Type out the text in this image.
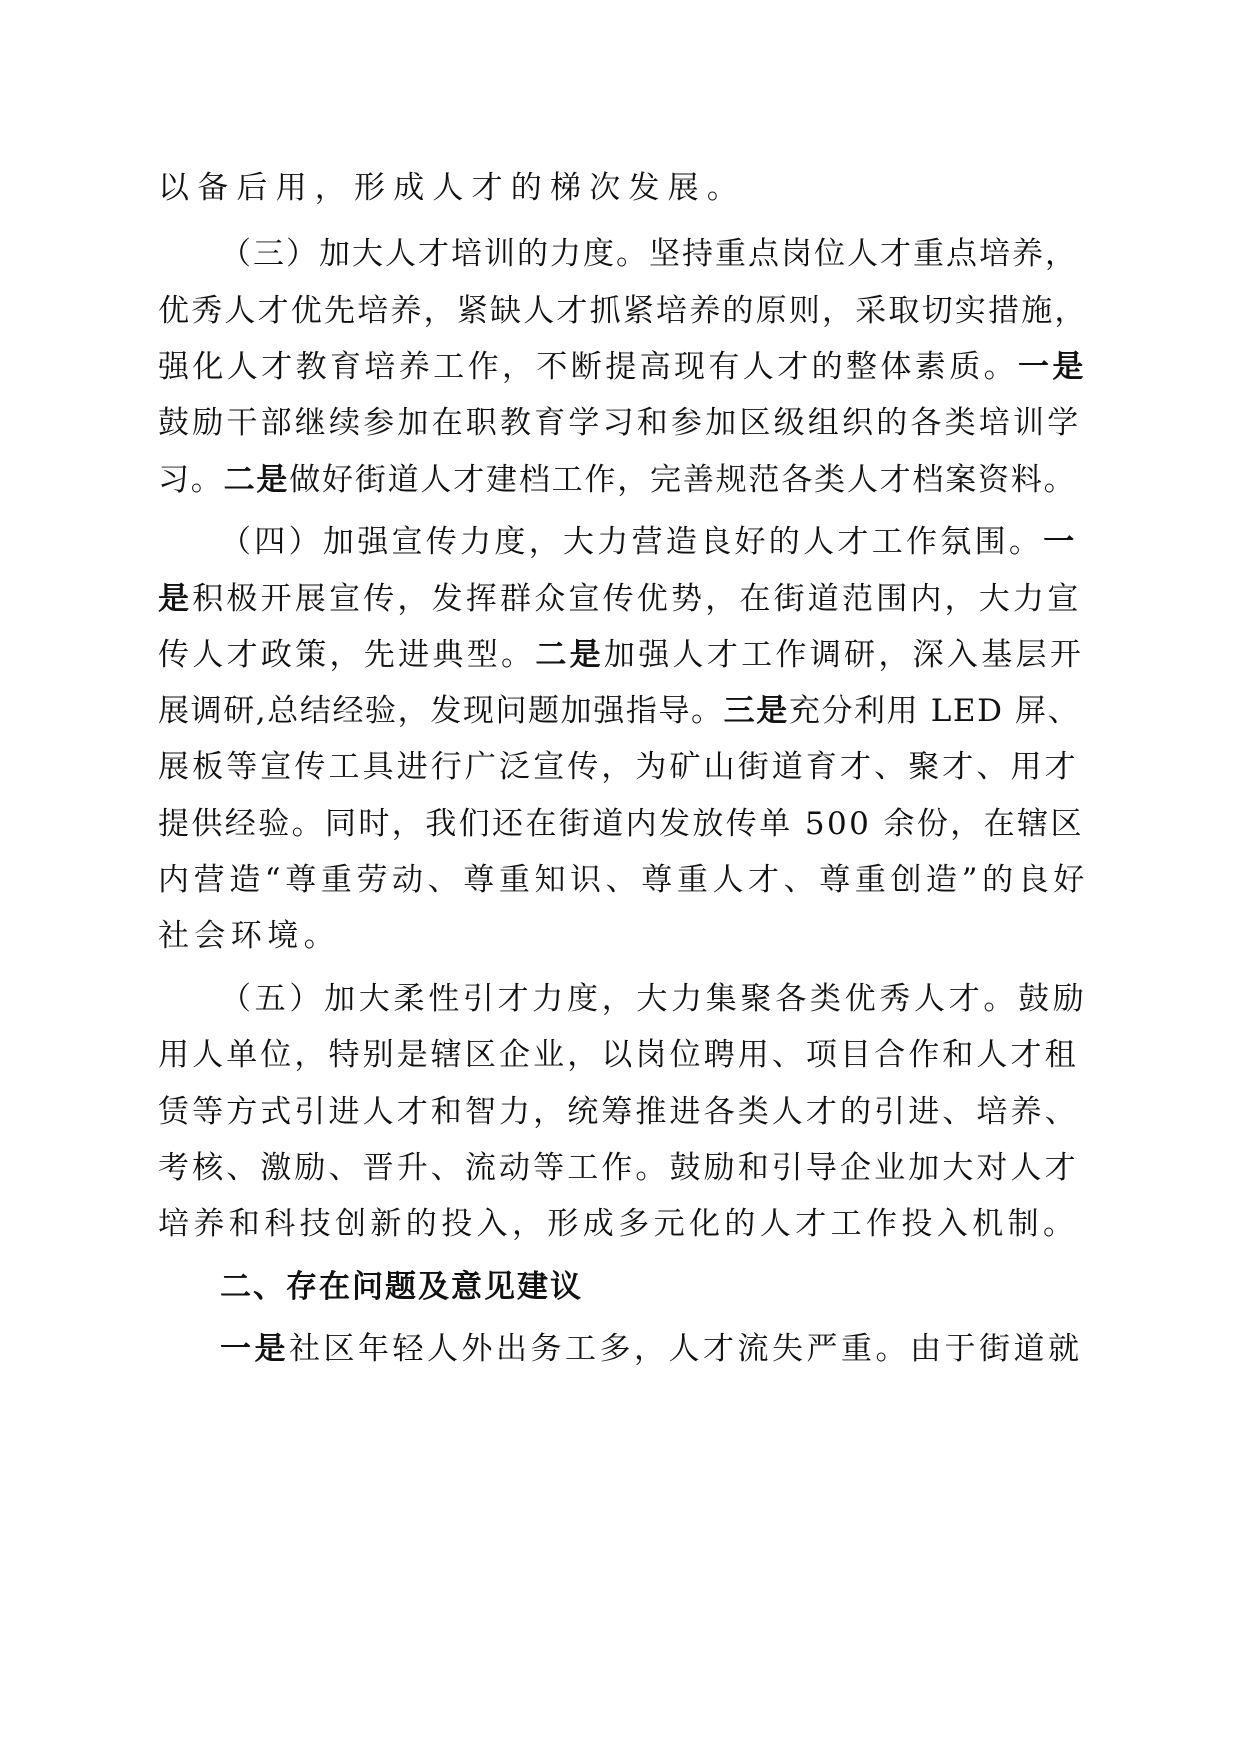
以备后用，形成人才的梯次发展。
（三）加大人才培训的力度。坚持重点岗位人才重点培养，
优秀人才优先培养，紧缺人才抓紧培养的原则，采取切实措施，
强化人才教育培养工作，不断提高现有人才的整体素质。一是
鼓励干部继续参加在职教育学习和参加区级组织的各类培训学
习。二是做好街道人才建档工作，完善规范各类人才档案资料。
（四）加强宣传力度，大力营造良好的人才工作氛围。一
是积极开展宣传，发挥群众宣传优势，在街道范围内，大力宣
传人才政策，先进典型。二是加强人才工作调研，深入基层开
展调研,总结经验，发现问题加强指导。三是充分利用 LED 屏、
展板等宣传工具进行广泛宣传，为矿山街道育才、聚才、用才
提供经验。同时，我们还在街道内发放传单 500 余份，在辖区
内营造“尊重劳动、尊重知识、尊重人才、尊重创造”的良好
社会环境。
（五）加大柔性引才力度，大力集聚各类优秀人才。鼓励
用人单位，特别是辖区企业，以岗位聘用、项目合作和人才租
赁等方式引进人才和智力，统筹推进各类人才的引进、培养、
考核、激励、晋升、流动等工作。鼓励和引导企业加大对人才
培养和科技创新的投入，形成多元化的人才工作投入机制。
二、存在问题及意见建议
一是社区年轻人外出务工多，人才流失严重。由于街道就
